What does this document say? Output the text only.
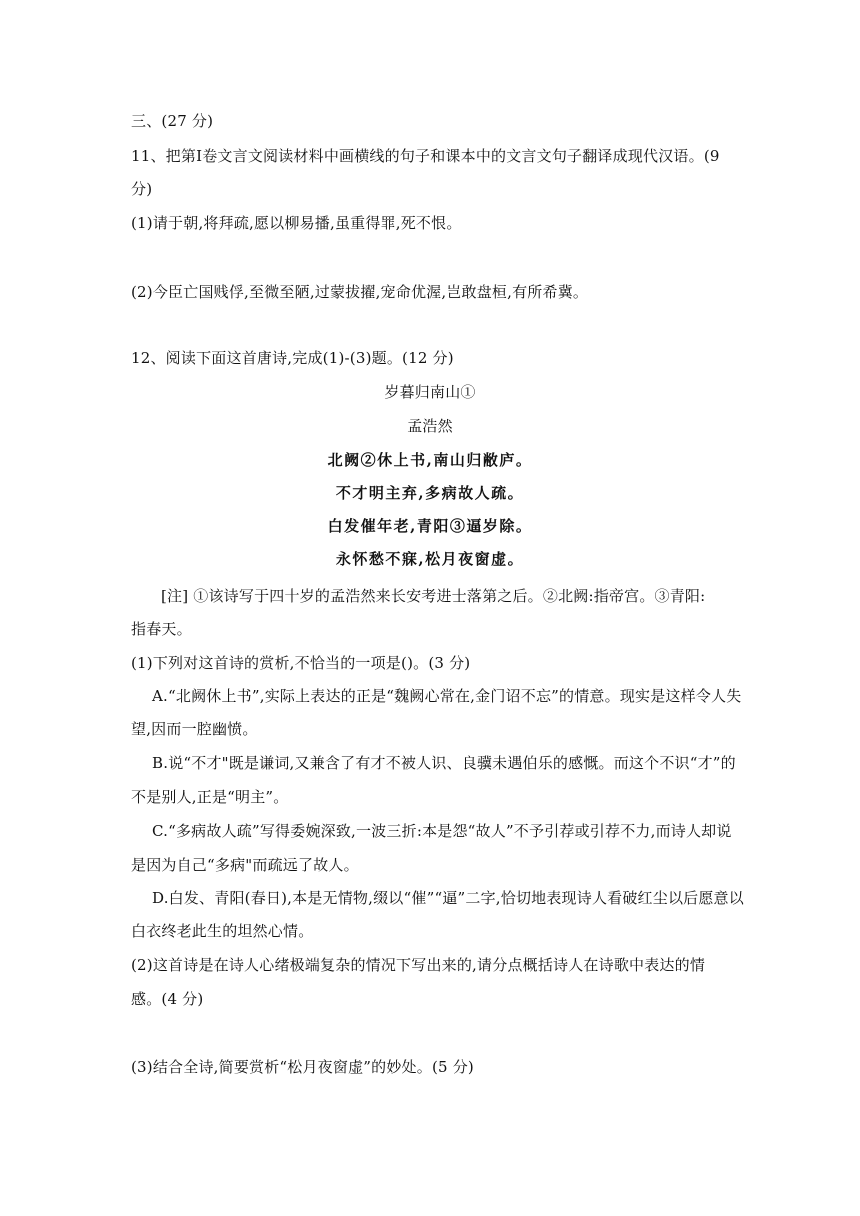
三、(27 分)
11、把第Ⅰ卷文言文阅读材料中画横线的句子和课本中的文言文句子翻译成现代汉语。(9
分)
(1)请于朝,将拜疏,愿以柳易播,虽重得罪,死不恨。
(2)今臣亡国贱俘,至微至陋,过蒙拔擢,宠命优渥,岂敢盘桓,有所希冀。
12、阅读下面这首唐诗,完成(1)-(3)题。(12 分)
岁暮归南山①
孟浩然
北阙②休上书,南山归敝庐。
不才明主弃,多病故人疏。
白发催年老,青阳③逼岁除。
永怀愁不寐,松月夜窗虚。
[注] ①该诗写于四十岁的孟浩然来长安考进士落第之后。②北阙:指帝宫。③青阳:
指春天。
(1)下列对这首诗的赏析,不恰当的一项是()。(3 分)
A.“北阙休上书”,实际上表达的正是“魏阙心常在,金门诏不忘”的情意。现实是这样令人失
望,因而一腔幽愤。
B.说“不才"既是谦词,又兼含了有才不被人识、良骥未遇伯乐的感慨。而这个不识“才”的
不是别人,正是“明主”。
C.“多病故人疏”写得委婉深致,一波三折:本是怨“故人”不予引荐或引荐不力,而诗人却说
是因为自己“多病"而疏远了故人。
D.白发、青阳(春日),本是无情物,缀以“催”“逼”二字,恰切地表现诗人看破红尘以后愿意以
白衣终老此生的坦然心情。
(2)这首诗是在诗人心绪极端复杂的情况下写出来的,请分点概括诗人在诗歌中表达的情
感。(4 分)
(3)结合全诗,简要赏析“松月夜窗虚”的妙处。(5 分)
